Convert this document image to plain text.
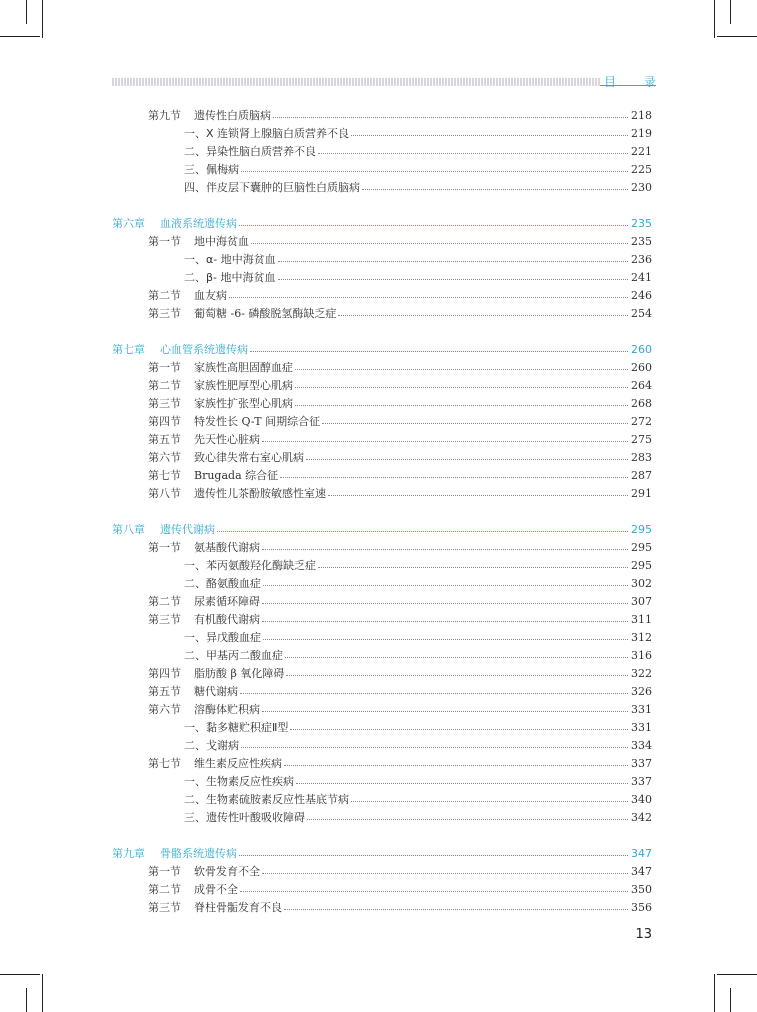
目 录
第九节 遗传性白质脑病	218
一、X 连锁肾上腺脑白质营养不良	219
二、异染性脑白质营养不良	221
三、佩梅病	225
四、伴皮层下囊肿的巨脑性白质脑病	230
第六章 血液系统遗传病	235
第一节 地中海贫血	235
一、α- 地中海贫血	236
二、β- 地中海贫血	241
第二节 血友病	246
第三节 葡萄糖 -6- 磷酸脱氢酶缺乏症	254
第七章 心血管系统遗传病	260
第一节 家族性高胆固醇血症	260
第二节 家族性肥厚型心肌病	264
第三节 家族性扩张型心肌病	268
第四节 特发性长 Q-T 间期综合征	272
第五节 先天性心脏病	275
第六节 致心律失常右室心肌病	283
第七节 Brugada 综合征	287
第八节 遗传性儿茶酚胺敏感性室速	291
第八章 遗传代谢病	295
第一节 氨基酸代谢病	295
一、苯丙氨酸羟化酶缺乏症	295
二、酪氨酸血症	302
第二节 尿素循环障碍	307
第三节 有机酸代谢病	311
一、异戊酸血症	312
二、甲基丙二酸血症	316
第四节 脂肪酸 β 氧化障碍	322
第五节 糖代谢病	326
第六节 溶酶体贮积病	331
一、黏多糖贮积症Ⅱ型	331
二、戈谢病	334
第七节 维生素反应性疾病	337
一、生物素反应性疾病	337
二、生物素硫胺素反应性基底节病	340
三、遗传性叶酸吸收障碍	342
第九章 骨骼系统遗传病	347
第一节 软骨发育不全	347
第二节 成骨不全	350
第三节 脊柱骨骺发育不良	356
13
